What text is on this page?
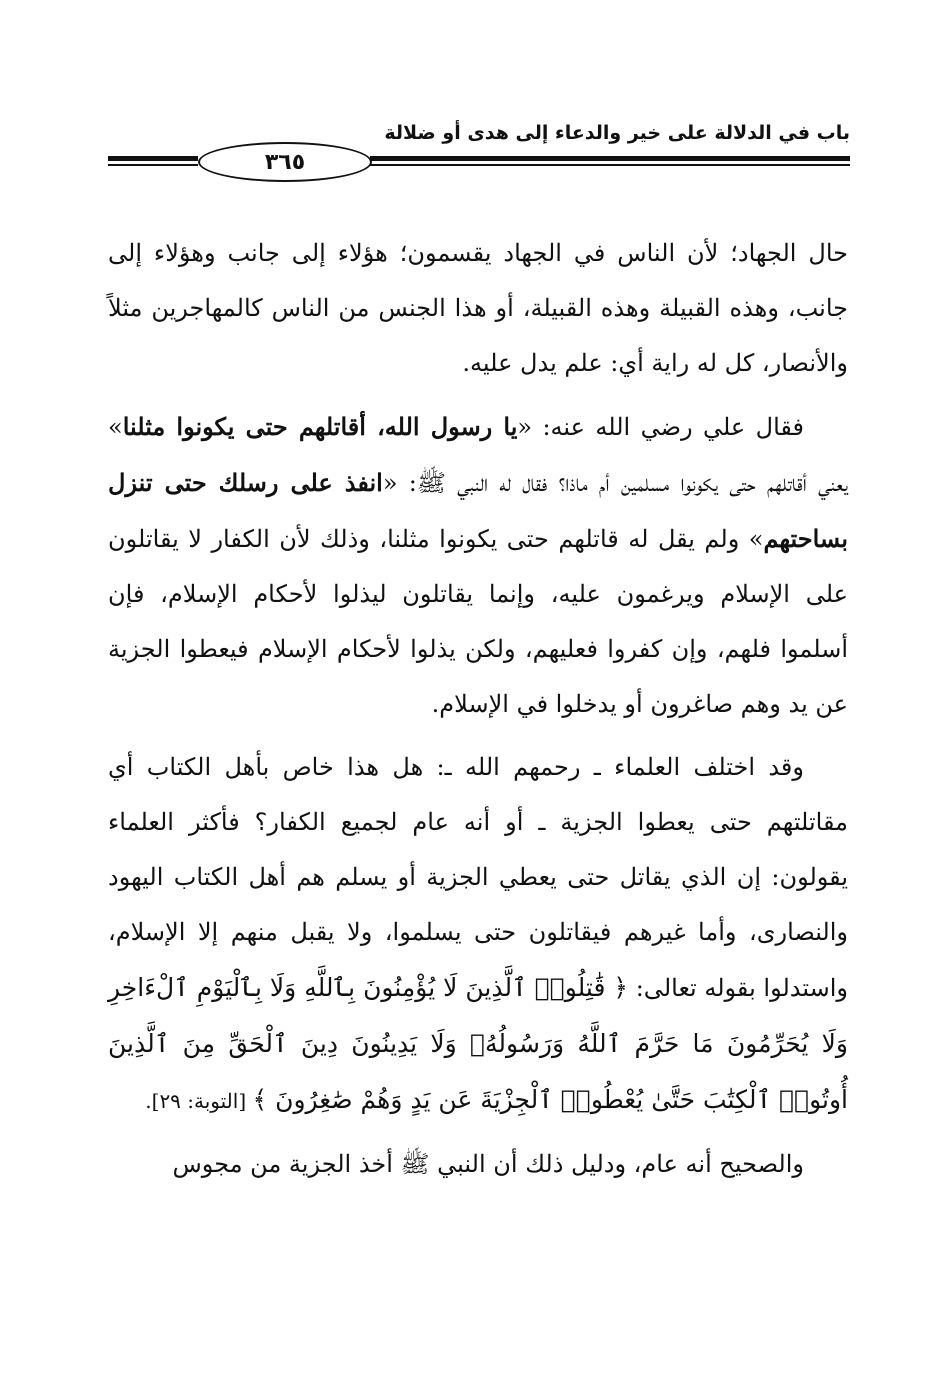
باب في الدلالة على خير والدعاء إلى هدى أو ضلالة
٣٦٥

حال الجهاد؛ لأن الناس في الجهاد يقسمون؛ هؤلاء إلى جانب وهؤلاء إلى جانب، وهذه القبيلة وهذه القبيلة، أو هذا الجنس من الناس كالمهاجرين مثلاً والأنصار، كل له راية أي: علم يدل عليه.

فقال علي رضي الله عنه: «يا رسول الله، أقاتلهم حتى يكونوا مثلنا» يعني أقاتلهم حتى يكونوا مسلمين أم ماذا؟ فقال له النبي ﷺ: «انفذ على رسلك حتى تنزل بساحتهم» ولم يقل له قاتلهم حتى يكونوا مثلنا، وذلك لأن الكفار لا يقاتلون على الإسلام ويرغمون عليه، وإنما يقاتلون ليذلوا لأحكام الإسلام، فإن أسلموا فلهم، وإن كفروا فعليهم، ولكن يذلوا لأحكام الإسلام فيعطوا الجزية عن يد وهم صاغرون أو يدخلوا في الإسلام.

وقد اختلف العلماء ـ رحمهم الله ـ: هل هذا خاص بأهل الكتاب أي مقاتلتهم حتى يعطوا الجزية ـ أو أنه عام لجميع الكفار؟ فأكثر العلماء يقولون: إن الذي يقاتل حتى يعطي الجزية أو يسلم هم أهل الكتاب اليهود والنصارى، وأما غيرهم فيقاتلون حتى يسلموا، ولا يقبل منهم إلا الإسلام، واستدلوا بقوله تعالى: ﴿ قَٰتِلُوا۟ ٱلَّذِينَ لَا يُؤْمِنُونَ بِٱللَّهِ وَلَا بِٱلْيَوْمِ ٱلْءَاخِرِ وَلَا يُحَرِّمُونَ مَا حَرَّمَ ٱللَّهُ وَرَسُولُهُۥ وَلَا يَدِينُونَ دِينَ ٱلْحَقِّ مِنَ ٱلَّذِينَ أُوتُوا۟ ٱلْكِتَٰبَ حَتَّىٰ يُعْطُوا۟ ٱلْجِزْيَةَ عَن يَدٍ وَهُمْ صَٰغِرُونَ ﴾ [التوبة: ٢٩].

والصحيح أنه عام، ودليل ذلك أن النبي ﷺ أخذ الجزية من مجوس
